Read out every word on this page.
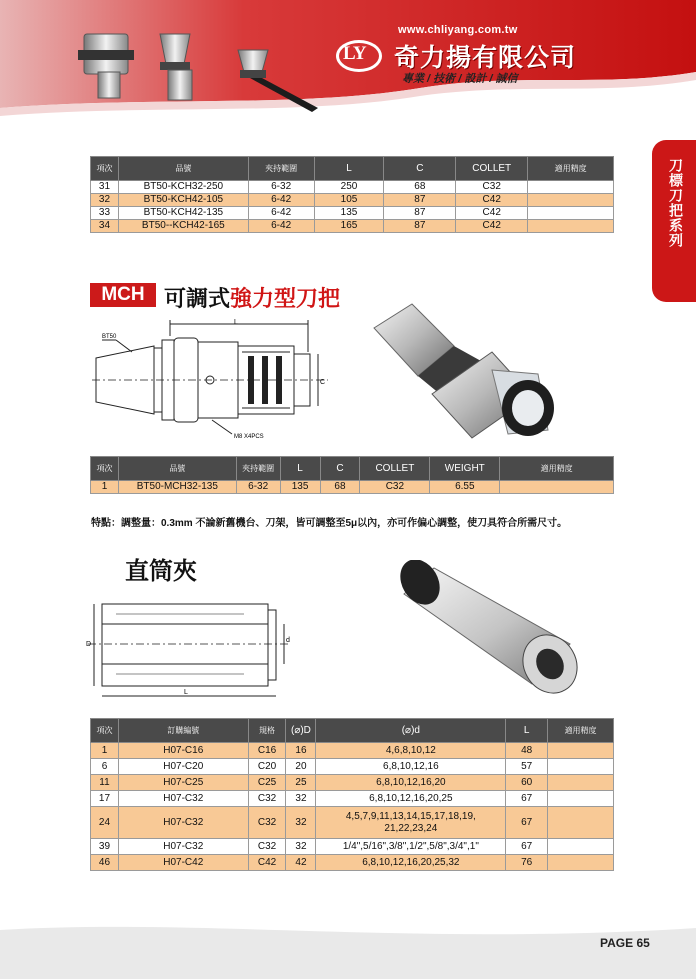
www.chliyang.com.tw
LY 奇力揚有限公司
專業 / 技術 / 設計 / 誠信
刀標刀把系列
項次	品號	夾持範圍	L	C	COLLET	適用精度
31	BT50-KCH32-250	6-32	250	68	C32	
32	BT50-KCH42-105	6-42	105	87	C42	
33	BT50-KCH42-135	6-42	135	87	C42	
34	BT50--KCH42-165	6-42	165	87	C42	
MCH 可調式強力型刀把
L
C
BT50
M8 X4PCS
項次	品號	夾持範圍	L	C	COLLET	WEIGHT	適用精度
1	BT50-MCH32-135	6-32	135	68	C32	6.55	
特點：調整量：0.3mm 不論新舊機台、刀架，皆可調整至5μ以內，亦可作偏心調整，使刀具符合所需尺寸。
直筒夾
D
d
L
項次	訂購編號	規格	(⌀)D	(⌀)d	L	適用精度
1	H07-C16	C16	16	4,6,8,10,12	48	
6	H07-C20	C20	20	6,8,10,12,16	57	
11	H07-C25	C25	25	6,8,10,12,16,20	60	
17	H07-C32	C32	32	6,8,10,12,16,20,25	67	
24	H07-C32	C32	32	4,5,7,9,11,13,14,15,17,18,19,
21,22,23,24	67	
39	H07-C32	C32	32	1/4",5/16",3/8",1/2",5/8",3/4",1"	67	
46	H07-C42	C42	42	6,8,10,12,16,20,25,32	76	
PAGE 65
